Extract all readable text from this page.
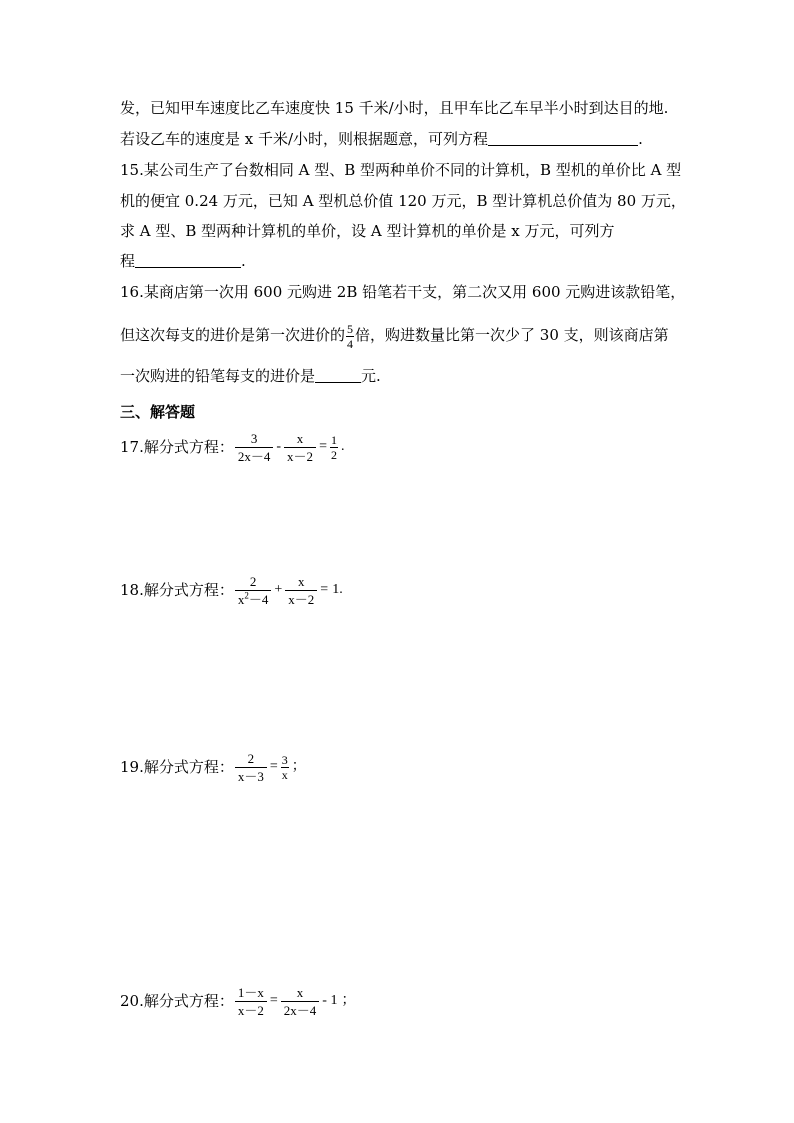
发，已知甲车速度比乙车速度快 15 千米/小时，且甲车比乙车早半小时到达目的地.
若设乙车的速度是 x 千米/小时，则根据题意，可列方程	.
15.某公司生产了台数相同 A 型、B 型两种单价不同的计算机，B 型机的单价比 A 型
机的便宜 0.24 万元，已知 A 型机总价值 120 万元，B 型计算机总价值为 80 万元，
求 A 型、B 型两种计算机的单价，设 A 型计算机的单价是 x 万元，可列方
程	.
16.某商店第一次用 600 元购进 2B 铅笔若干支，第二次又用 600 元购进该款铅笔，
但这次每支的进价是第一次进价的 $\frac{5}{4}$ 倍，购进数量比第一次少了 30 支，则该商店第
一次购进的铅笔每支的进价是	元.
三、解答题
17.解分式方程： $\frac{3}{2x-4} - \frac{x}{x-2} = \frac{1}{2}$ .
18.解分式方程： $\frac{2}{x^2-4} + \frac{x}{x-2} = 1$.
19.解分式方程： $\frac{2}{x-3} = \frac{3}{x}$ ；
20.解分式方程： $\frac{1-x}{x-2} = \frac{x}{2x-4} - 1$ ；
